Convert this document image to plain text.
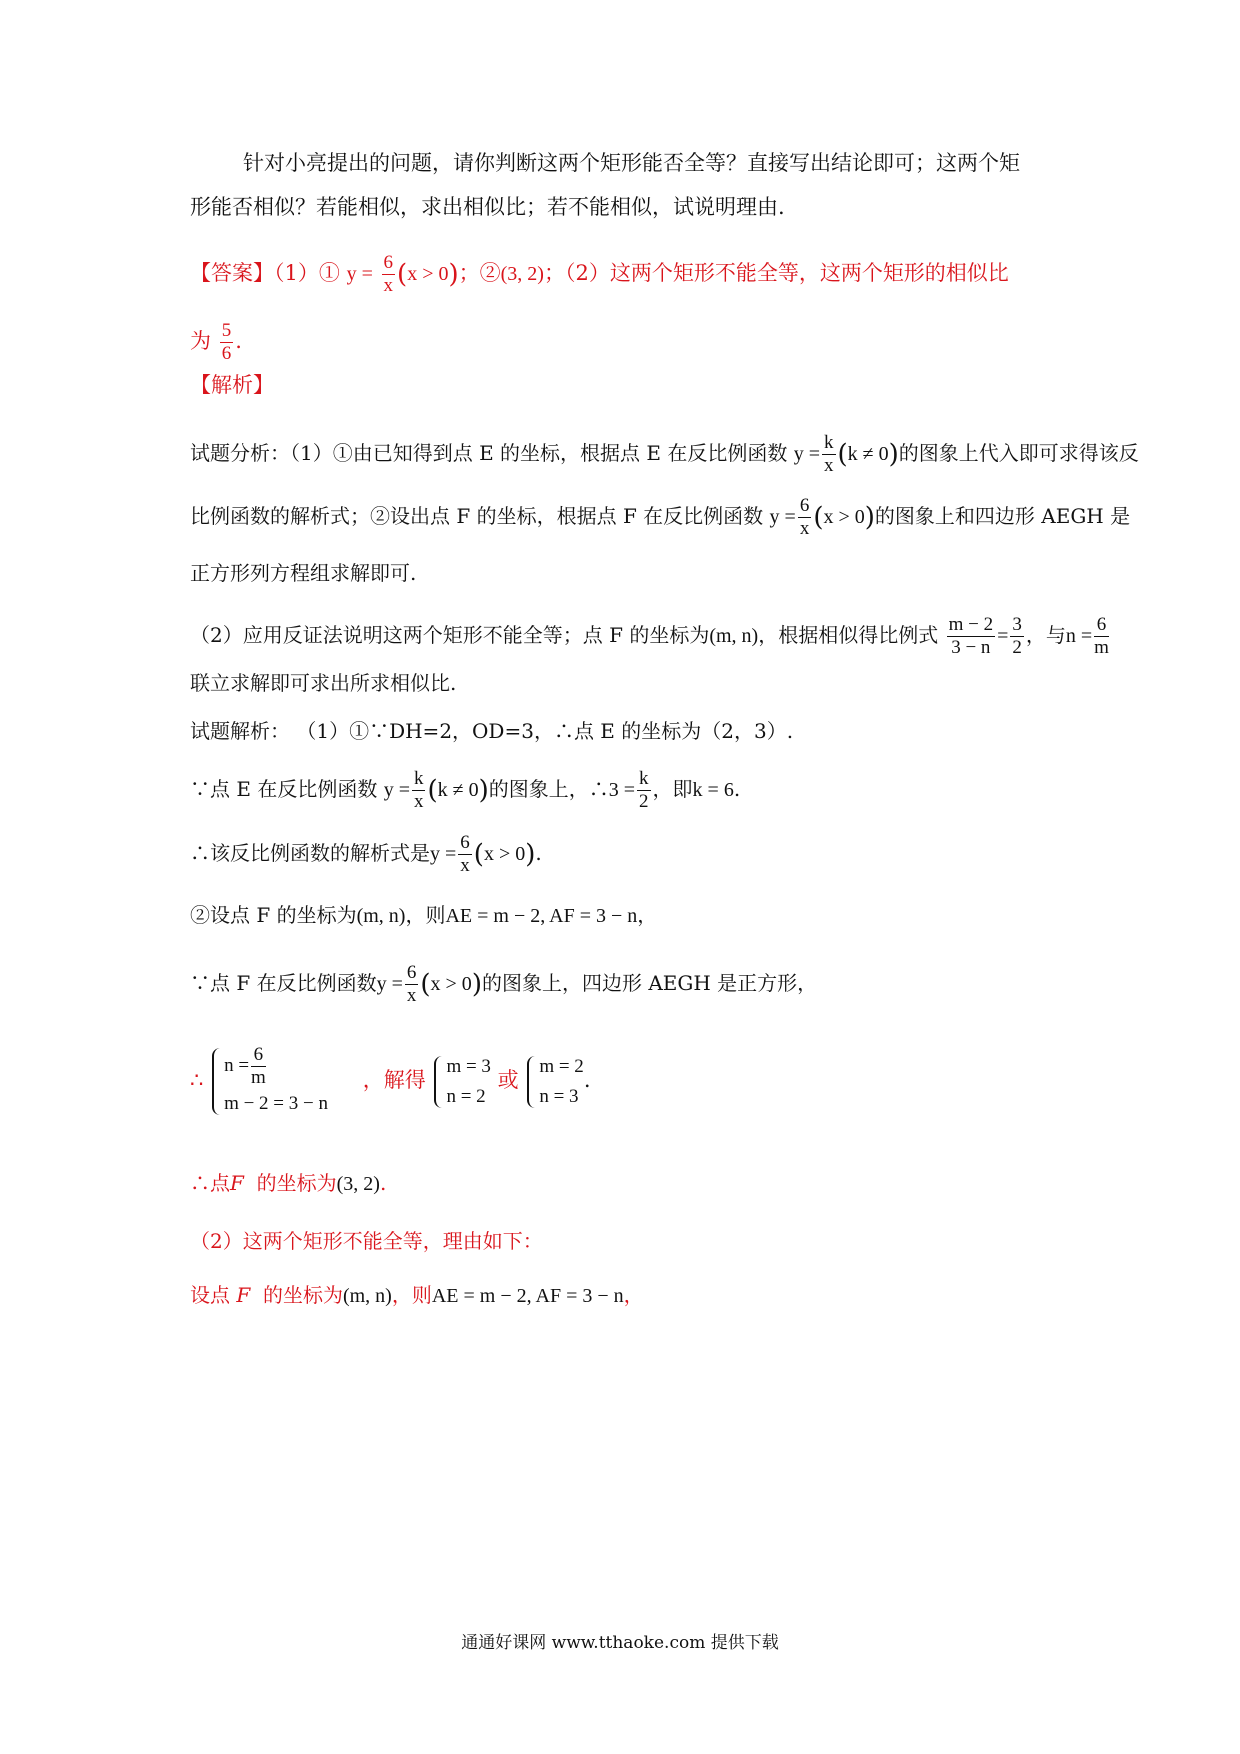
针对小亮提出的问题，请你判断这两个矩形能否全等？直接写出结论即可；这两个矩
形能否相似？若能相似，求出相似比；若不能相似，试说明理由.
【答案】（1）① $y = \frac{6}{x} (x > 0)$；②(3, 2)；（2）这两个矩形不能全等，这两个矩形的相似比
为 $\frac{5}{6}$ .
【解析】
试题分析：（1）①由已知得到点 E 的坐标，根据点 E 在反比例函数 $y = \frac{k}{x} (k \ne 0)$的图象上代入即可求得该反
比例函数的解析式；②设出点 F 的坐标，根据点 F 在反比例函数 $y = \frac{6}{x} (x > 0)$的图象上和四边形 AEGH 是
正方形列方程组求解即可.
（2）应用反证法说明这两个矩形不能全等；点 F 的坐标为(m, n)，根据相似得比例式 $\frac{m - 2}{3 - n} = \frac{3}{2}$ ，与$n = \frac{6}{m}$
联立求解即可求出所求相似比.
试题解析： （1）①∵DH=2，OD=3，∴点 E 的坐标为（2，3）.
∵点 E 在反比例函数 $y = \frac{k}{x} (k \ne 0)$的图象上，∴3 = $\frac{k}{2}$ ，即k = 6.
∴该反比例函数的解析式是$y = \frac{6}{x} (x > 0)$.
②设点 F 的坐标为(m, n)，则AE = m − 2, AF = 3 − n，
∵点 F 在反比例函数$y = \frac{6}{x} (x > 0)$的图象上，四边形 AEGH 是正方形，
∴
$n = \frac{6}{m}$
m − 2 = 3 − n
，解得
m = 3
n = 2
或
m = 2
n = 3
.
∴点F 的坐标为(3, 2).
（2）这两个矩形不能全等，理由如下：
设点 F 的坐标为(m, n)，则AE = m − 2, AF = 3 − n，
通通好课网 www.tthaoke.com 提供下载
